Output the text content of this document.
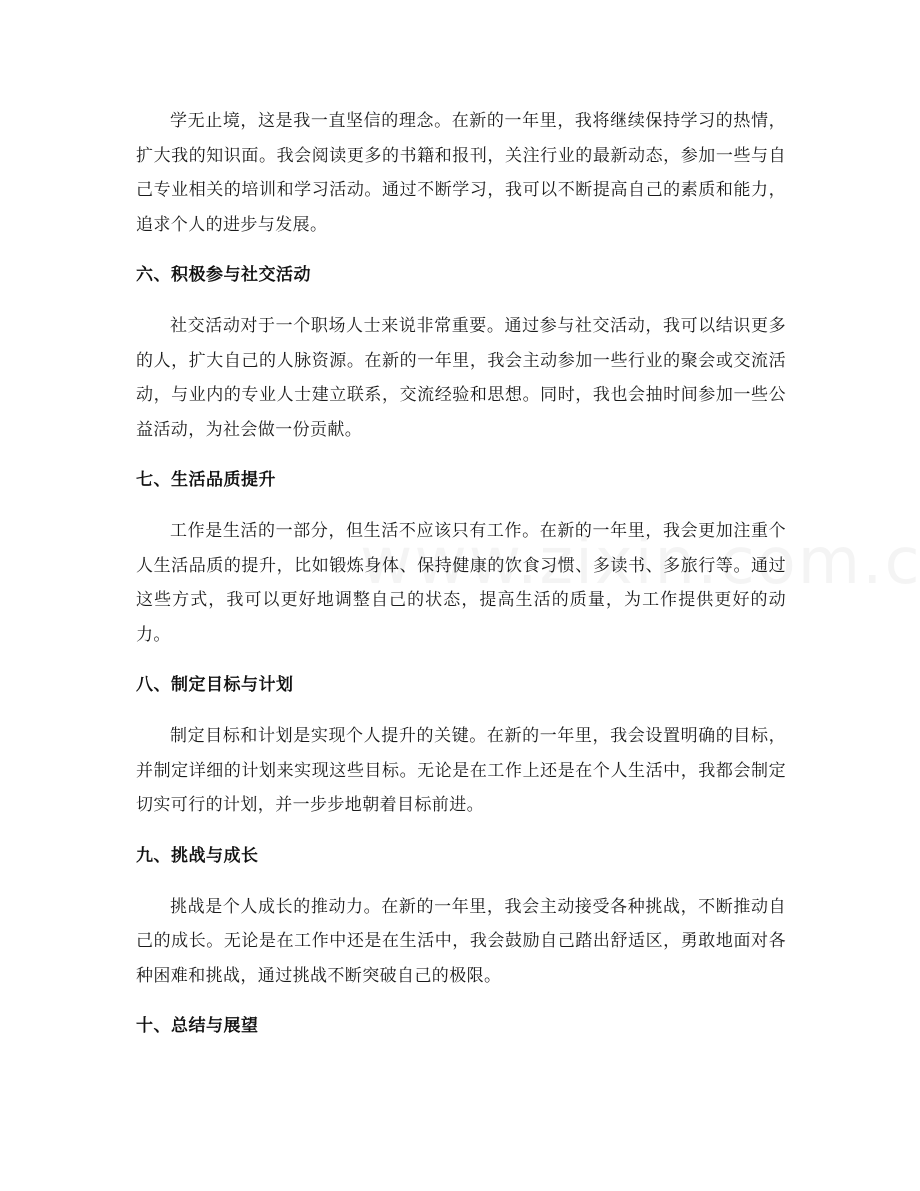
学无止境，这是我一直坚信的理念。在新的一年里，我将继续保持学习的热情，扩大我的知识面。我会阅读更多的书籍和报刊，关注行业的最新动态，参加一些与自己专业相关的培训和学习活动。通过不断学习，我可以不断提高自己的素质和能力，追求个人的进步与发展。

六、积极参与社交活动

社交活动对于一个职场人士来说非常重要。通过参与社交活动，我可以结识更多的人，扩大自己的人脉资源。在新的一年里，我会主动参加一些行业的聚会或交流活动，与业内的专业人士建立联系，交流经验和思想。同时，我也会抽时间参加一些公益活动，为社会做一份贡献。

七、生活品质提升

工作是生活的一部分，但生活不应该只有工作。在新的一年里，我会更加注重个人生活品质的提升，比如锻炼身体、保持健康的饮食习惯、多读书、多旅行等。通过这些方式，我可以更好地调整自己的状态，提高生活的质量，为工作提供更好的动力。

八、制定目标与计划

制定目标和计划是实现个人提升的关键。在新的一年里，我会设置明确的目标，并制定详细的计划来实现这些目标。无论是在工作上还是在个人生活中，我都会制定切实可行的计划，并一步步地朝着目标前进。

九、挑战与成长

挑战是个人成长的推动力。在新的一年里，我会主动接受各种挑战，不断推动自己的成长。无论是在工作中还是在生活中，我会鼓励自己踏出舒适区，勇敢地面对各种困难和挑战，通过挑战不断突破自己的极限。

十、总结与展望
